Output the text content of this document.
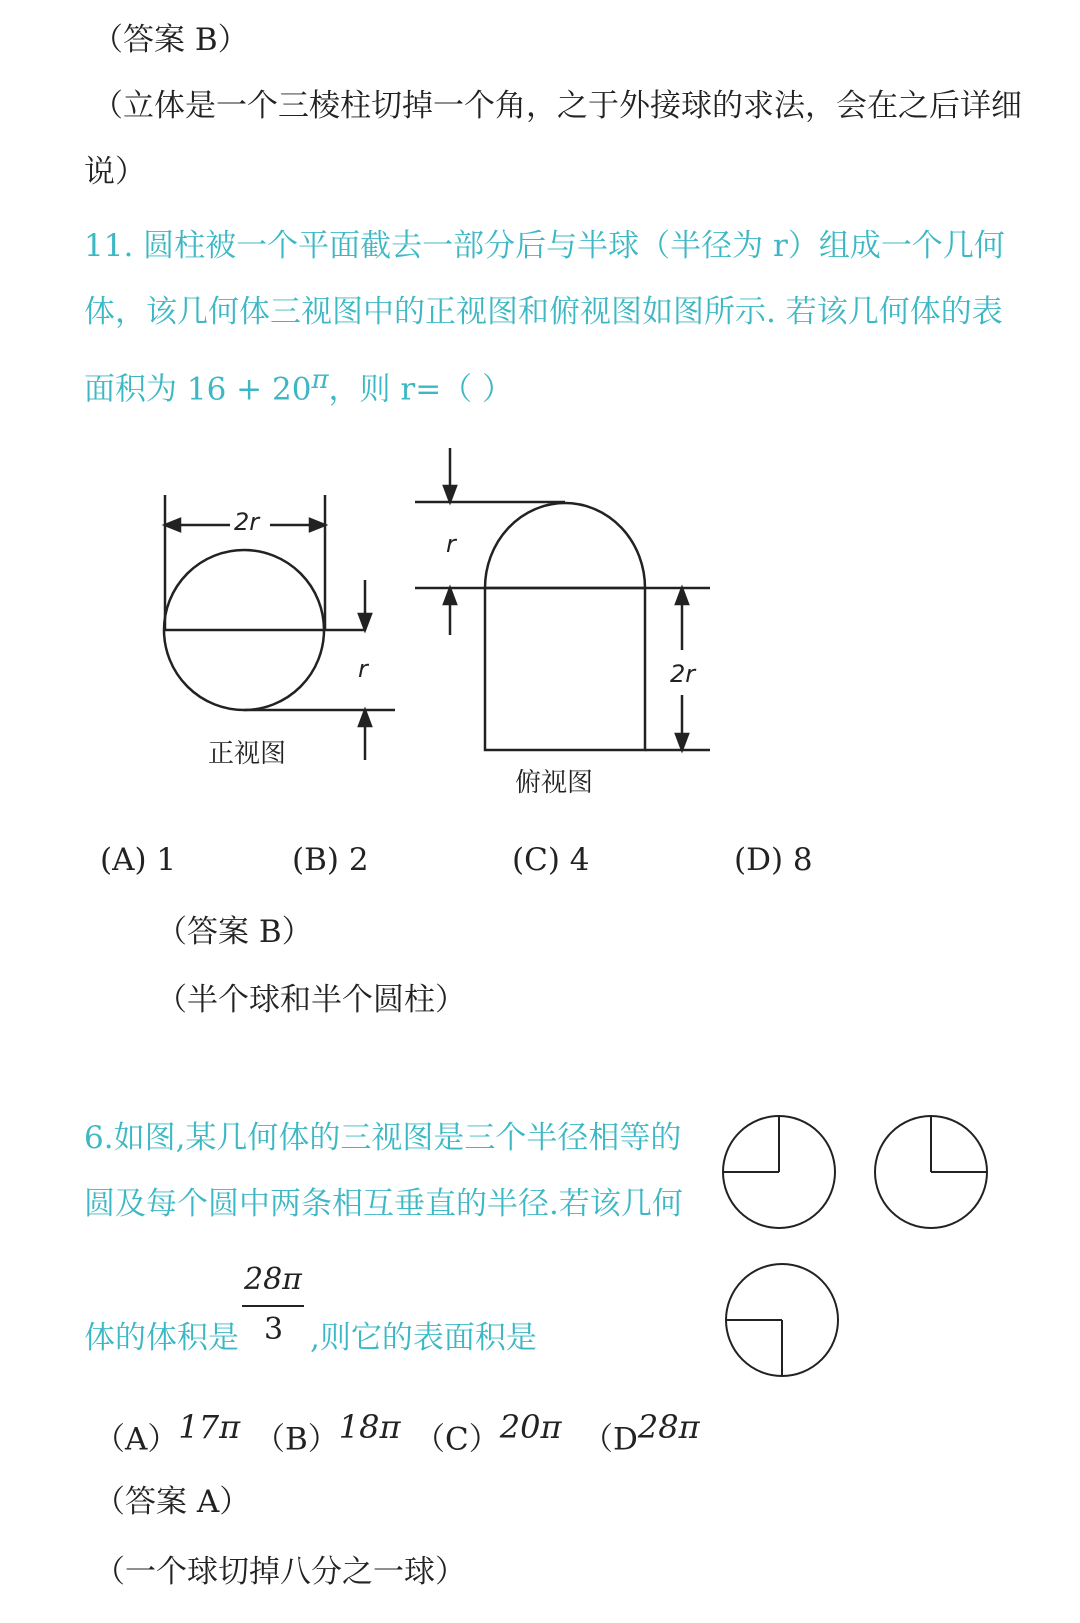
（答案 B）
（立体是一个三棱柱切掉一个角，之于外接球的求法，会在之后详细
说）
11. 圆柱被一个平面截去一部分后与半球（半径为 r）组成一个几何
体，该几何体三视图中的正视图和俯视图如图所示. 若该几何体的表
面积为 $16 + 20^\pi$，则 r=（ ）
2r
r
正视图
r
2r
俯视图
(A) 1	(B) 2	(C) 4	(D) 8
（答案 B）
（半个球和半个圆柱）
6.如图,某几何体的三视图是三个半径相等的
圆及每个圆中两条相互垂直的半径.若该几何
体的体积是
28π
3 ,则它的表面积是
$(A)^{17\pi}$ $(B)^{18\pi}$ $(C)^{20\pi}$ （$D^{28\pi}$
（答案 A）
（一个球切掉八分之一球）
